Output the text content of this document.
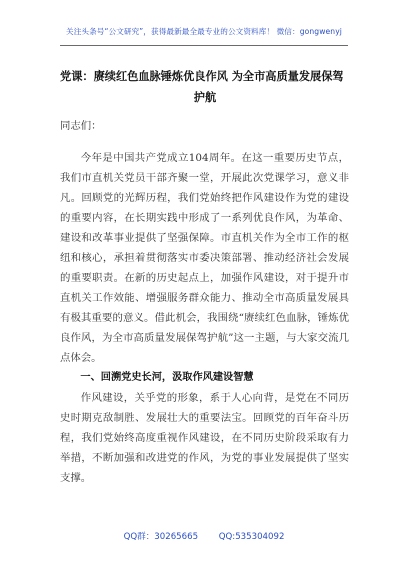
关注头条号“公文研究”，获得最新最全最专业的公文资料库！ 微信：gongwenyj
党课：赓续红色血脉锤炼优良作风 为全市高质量发展保驾
护航

同志们：

今年是中国共产党成立104周年。在这一重要历史节点，我们市直机关党员干部齐聚一堂，开展此次党课学习，意义非凡。回顾党的光辉历程，我们党始终把作风建设作为党的建设的重要内容，在长期实践中形成了一系列优良作风，为革命、建设和改革事业提供了坚强保障。市直机关作为全市工作的枢纽和核心，承担着贯彻落实市委决策部署、推动经济社会发展的重要职责。在新的历史起点上，加强作风建设，对于提升市直机关工作效能、增强服务群众能力、推动全市高质量发展具有极其重要的意义。借此机会，我围绕“赓续红色血脉，锤炼优良作风，为全市高质量发展保驾护航”这一主题，与大家交流几点体会。

一、回溯党史长河，汲取作风建设智慧

作风建设，关乎党的形象，系于人心向背，是党在不同历史时期克敌制胜、发展壮大的重要法宝。回顾党的百年奋斗历程，我们党始终高度重视作风建设，在不同历史阶段采取有力举措，不断加强和改进党的作风，为党的事业发展提供了坚实支撑。

QQ群：30265665 QQ:535304092
